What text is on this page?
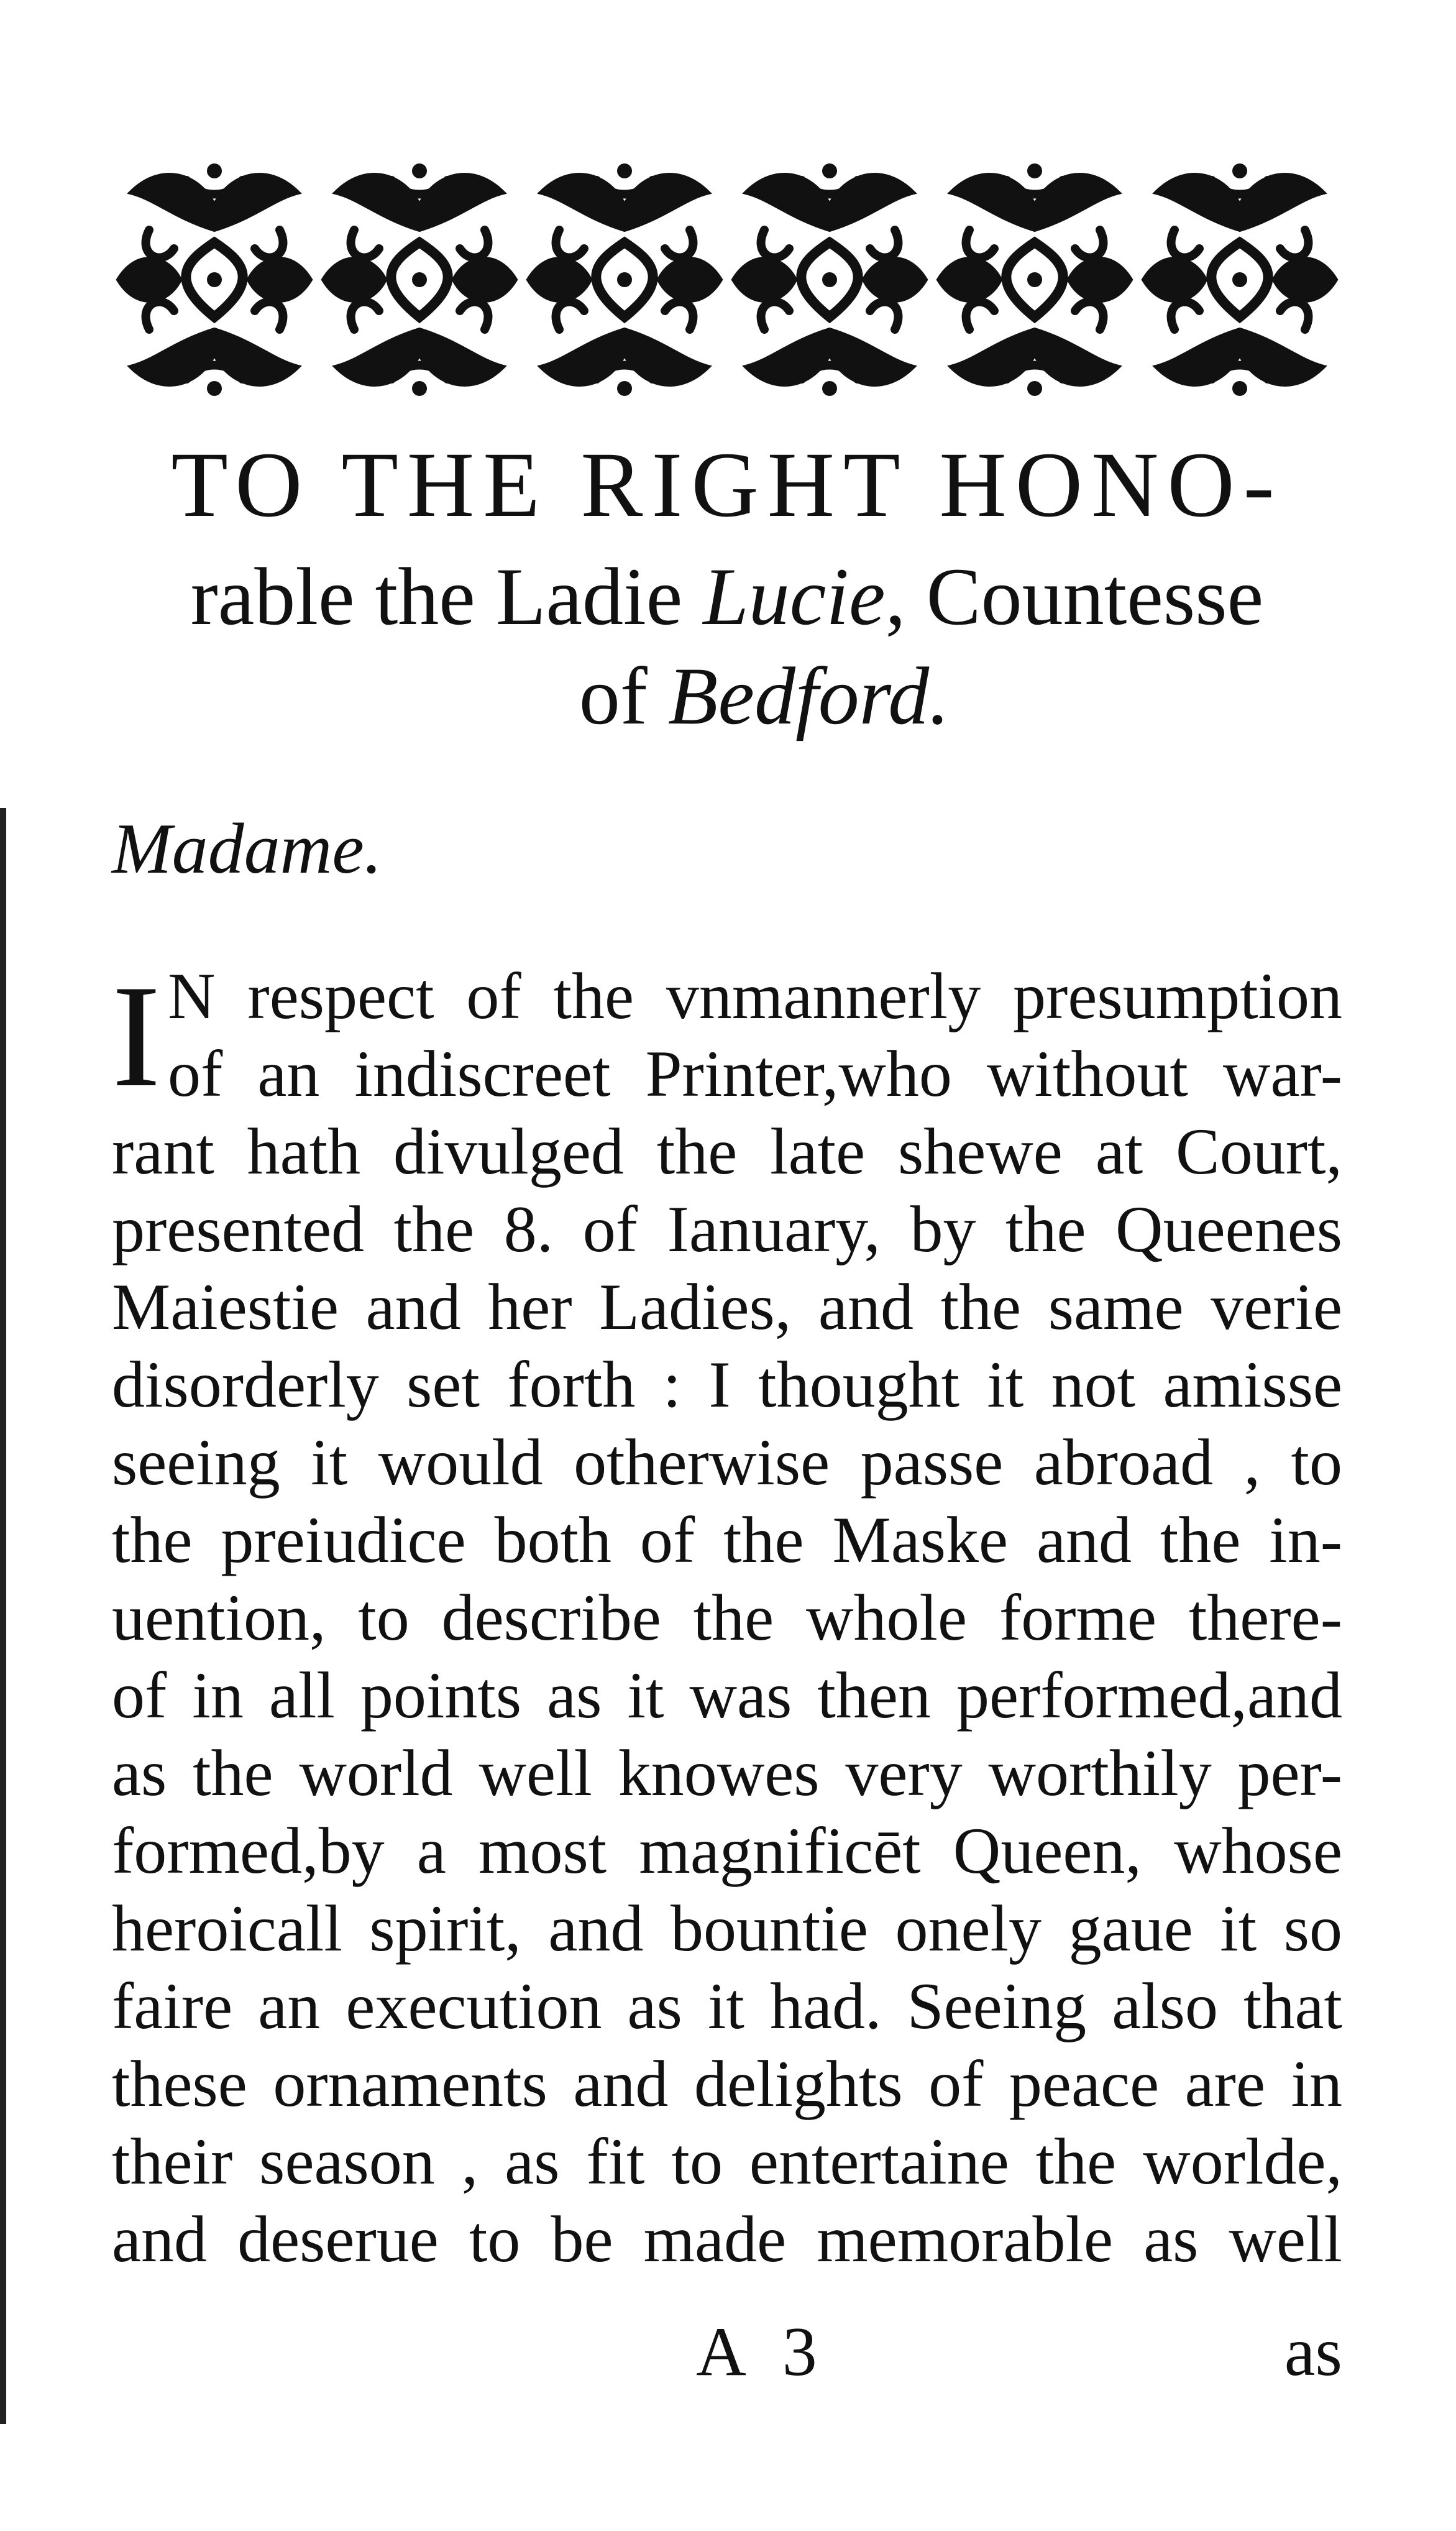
TO THE RIGHT HONO-

rable the Ladie Lucie, Countesse

of Bedford.

Madame.

I N respect of the vnmannerly presumption
of an indiscreet Printer,who without war-
rant hath divulged the late shewe at Court,
presented the 8. of Ianuary, by the Queenes
Maiestie and her Ladies, and the same verie
disorderly set forth : I thought it not amisse
seeing it would otherwise passe abroad , to
the preiudice both of the Maske and the in-
uention, to describe the whole forme there-
of in all points as it was then performed,and
as the world well knowes very worthily per-
formed,by a most magnificēt Queen, whose
heroicall spirit, and bountie onely gaue it so
faire an execution as it had. Seeing also that
these ornaments and delights of peace are in
their season , as fit to entertaine the worlde,
and deserue to be made memorable as well
A 3	as
